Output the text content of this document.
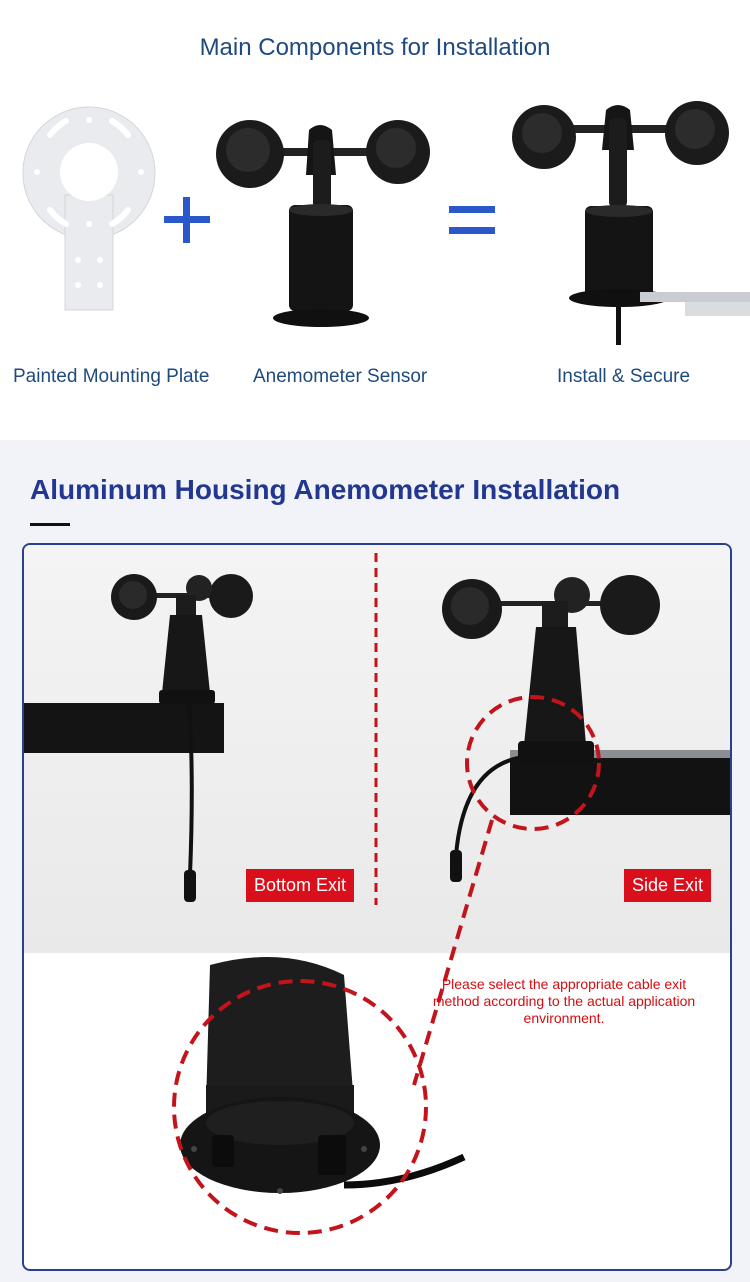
Main Components for Installation
Painted Mounting Plate Anemometer Sensor	Install & Secure
Aluminum Housing Anemometer Installation
Bottom Exit	Side Exit
Please select the appropriate cable exit method according to the actual application environment.
